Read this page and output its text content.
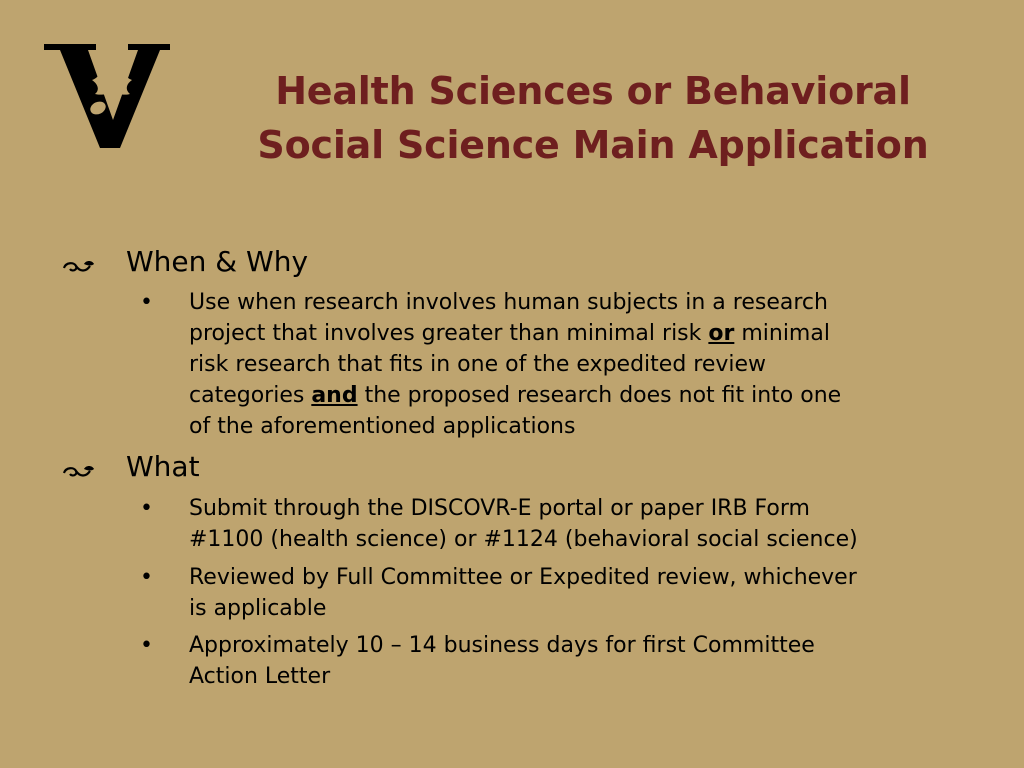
Health Sciences or Behavioral
Social Science Main Application
When & Why
• Use when research involves human subjects in a research
project that involves greater than minimal risk or minimal
risk research that fits in one of the expedited review
categories and the proposed research does not fit into one
of the aforementioned applications
What
• Submit through the DISCOVR-E portal or paper IRB Form
#1100 (health science) or #1124 (behavioral social science)
• Reviewed by Full Committee or Expedited review, whichever
is applicable
• Approximately 10 – 14 business days for first Committee
Action Letter
